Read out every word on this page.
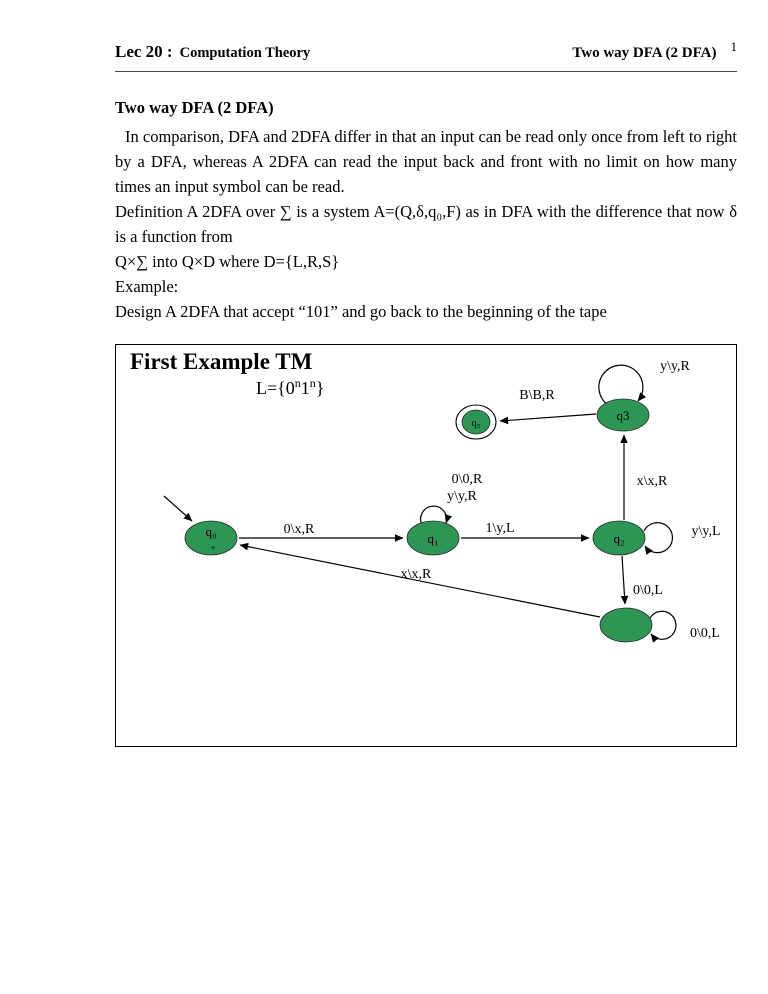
Lec 20 : Computation Theory	Two way DFA (2 DFA) 1
Two way DFA (2 DFA)

In comparison, DFA and 2DFA differ in that an input can be read only once from left to right by a DFA, whereas A 2DFA can read the input back and front with no limit on how many times an input symbol can be read.

Definition A 2DFA over ∑ is a system A=(Q,δ,q₀,F) as in DFA with the difference that now δ is a function from

Q×∑ into Q×D where D={L,R,S}

Example:

Design A 2DFA that accept “101” and go back to the beginning of the tape

First Example TM
$L=\{0^n1^n\}$
0\x,R	1\y,L
0\0,R
y\y,R
y\y,L
x\x,R
y\y,R
B\B,R
0\0,L
0\0,L
x\x,R
q₀
+
q₁	q₂
q3
q₅
